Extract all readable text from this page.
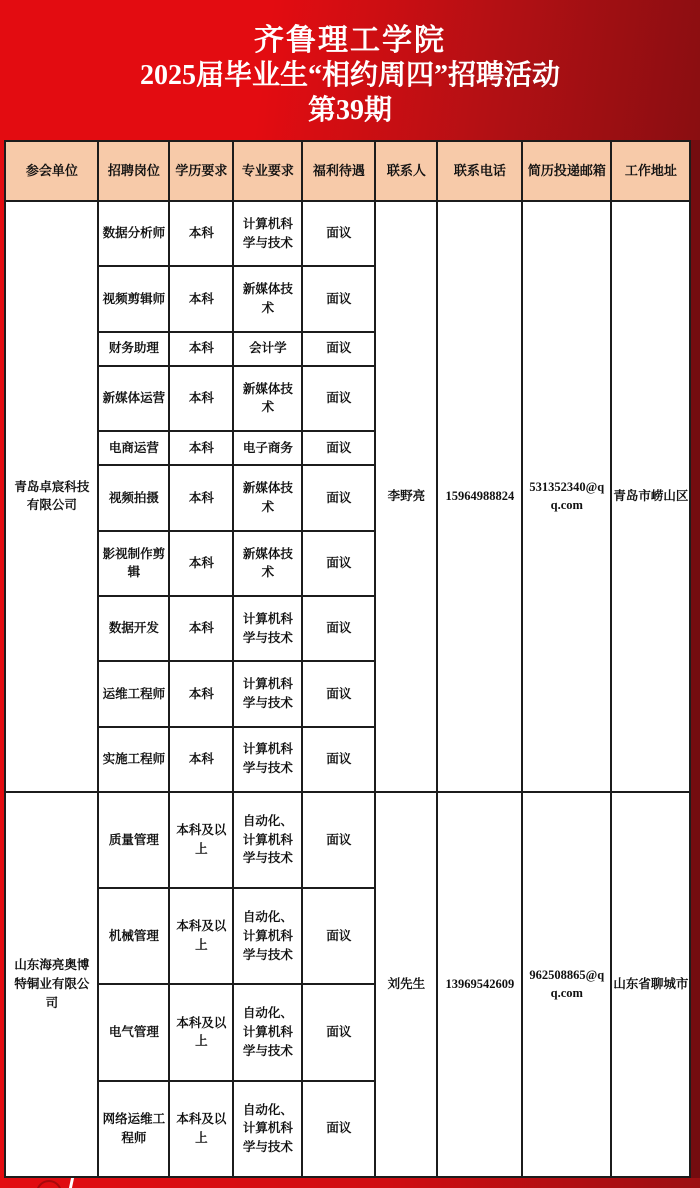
齐鲁理工学院
2025届毕业生“相约周四”招聘活动
第39期
参会单位	招聘岗位	学历要求	专业要求	福利待遇	联系人	联系电话	简历投递邮箱	工作地址
青岛卓宸科技有限公司	数据分析师	本科	计算机科学与技术	面议	李野亮	15964988824	531352340@qq.com	青岛市崂山区
	视频剪辑师	本科	新媒体技术	面议				
	财务助理	本科	会计学	面议				
	新媒体运营	本科	新媒体技术	面议				
	电商运营	本科	电子商务	面议				
	视频拍摄	本科	新媒体技术	面议				
	影视制作剪辑	本科	新媒体技术	面议				
	数据开发	本科	计算机科学与技术	面议				
	运维工程师	本科	计算机科学与技术	面议				
	实施工程师	本科	计算机科学与技术	面议				
山东海亮奥博特铜业有限公司	质量管理	本科及以上	自动化、计算机科学与技术	面议	刘先生	13969542609	962508865@qq.com	山东省聊城市
	机械管理	本科及以上	自动化、计算机科学与技术	面议				
	电气管理	本科及以上	自动化、计算机科学与技术	面议				
	网络运维工程师	本科及以上	自动化、计算机科学与技术	面议				
